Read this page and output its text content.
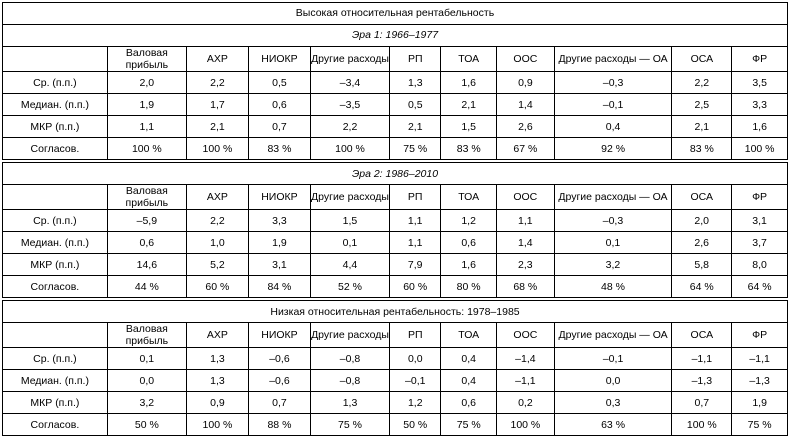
Высокая относительная рентабельность										
Эра 1: 1966–1977										
	Валовая прибыль	АХР	НИОКР	Другие расходы	РП	ТОА	ООС	Другие расходы — ОА	ОСА	ФР
Ср. (п.п.)	2,0	2,2	0,5	–3,4	1,3	1,6	0,9	–0,3	2,2	3,5
Медиан. (п.п.)	1,9	1,7	0,6	–3,5	0,5	2,1	1,4	–0,1	2,5	3,3
МКР (п.п.)	1,1	2,1	0,7	2,2	2,1	1,5	2,6	0,4	2,1	1,6
Согласов.	100 %	100 %	83 %	100 %	75 %	83 %	67 %	92 %	83 %	100 %
Эра 2: 1986–2010										
	Валовая прибыль	АХР	НИОКР	Другие расходы	РП	ТОА	ООС	Другие расходы — ОА	ОСА	ФР
Ср. (п.п.)	–5,9	2,2	3,3	1,5	1,1	1,2	1,1	–0,3	2,0	3,1
Медиан. (п.п.)	0,6	1,0	1,9	0,1	1,1	0,6	1,4	0,1	2,6	3,7
МКР (п.п.)	14,6	5,2	3,1	4,4	7,9	1,6	2,3	3,2	5,8	8,0
Согласов.	44 %	60 %	84 %	52 %	60 %	80 %	68 %	48 %	64 %	64 %
Низкая относительная рентабельность: 1978–1985										
	Валовая прибыль	АХР	НИОКР	Другие расходы	РП	ТОА	ООС	Другие расходы — ОА	ОСА	ФР
Ср. (п.п.)	0,1	1,3	–0,6	–0,8	0,0	0,4	–1,4	–0,1	–1,1	–1,1
Медиан. (п.п.)	0,0	1,3	–0,6	–0,8	–0,1	0,4	–1,1	0,0	–1,3	–1,3
МКР (п.п.)	3,2	0,9	0,7	1,3	1,2	0,6	0,2	0,3	0,7	1,9
Согласов.	50 %	100 %	88 %	75 %	50 %	75 %	100 %	63 %	100 %	75 %
